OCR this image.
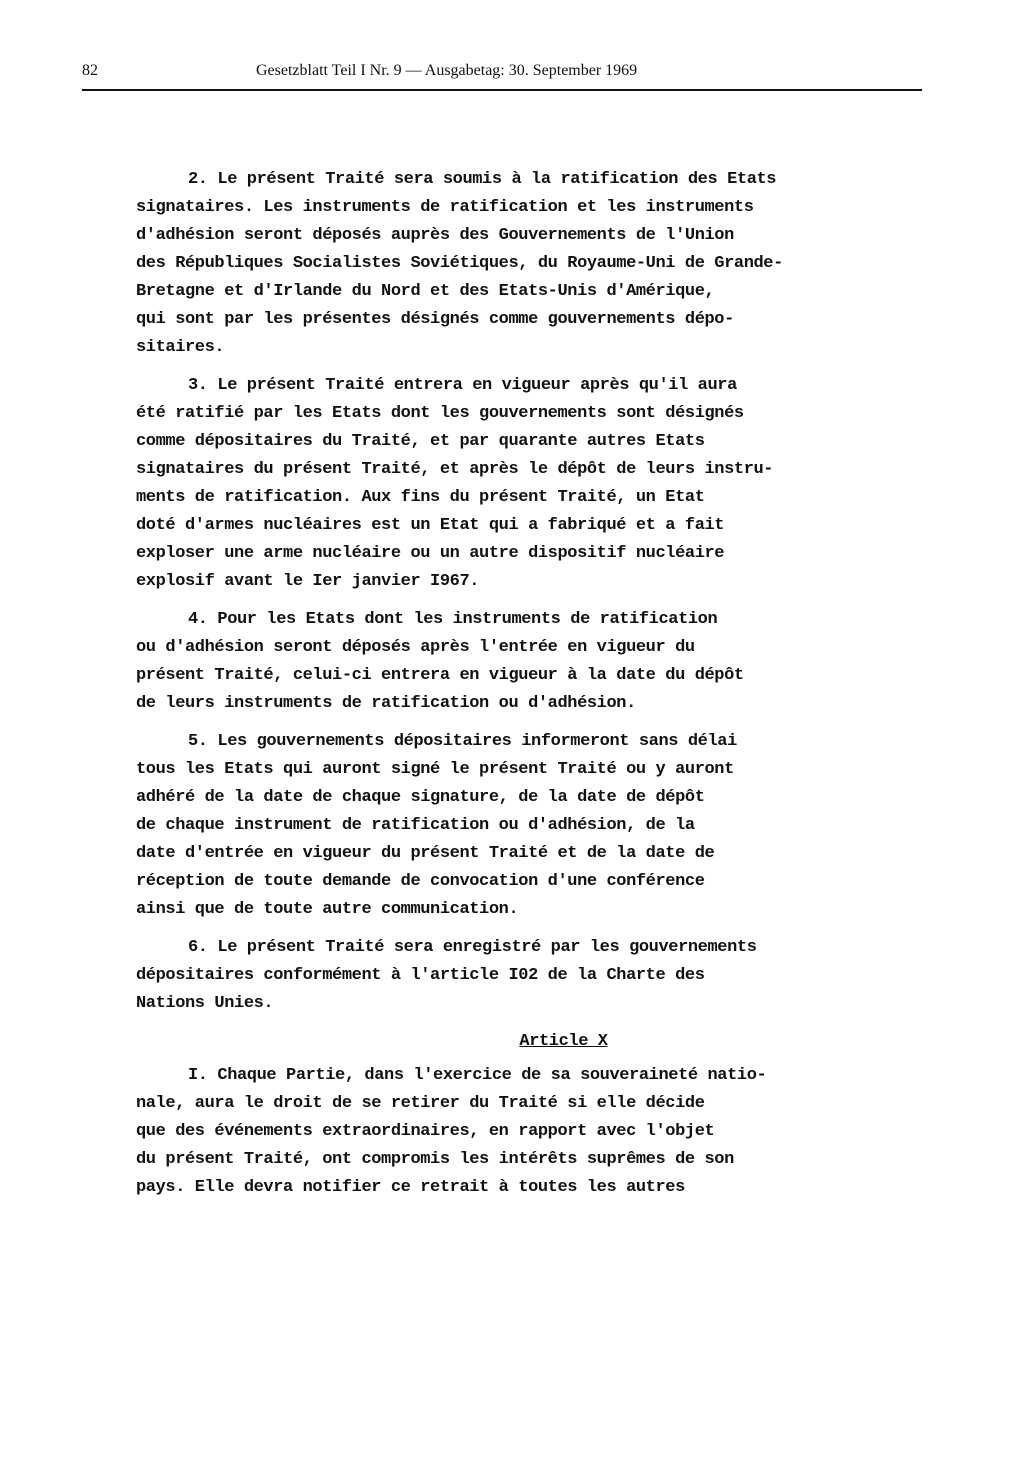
82	Gesetzblatt Teil I Nr. 9 — Ausgabetag: 30. September 1969
2. Le présent Traité sera soumis à la ratification des Etats
signataires. Les instruments de ratification et les instruments
d'adhésion seront déposés auprès des Gouvernements de l'Union
des Républiques Socialistes Soviétiques, du Royaume-Uni de Grande-
Bretagne et d'Irlande du Nord et des Etats-Unis d'Amérique,
qui sont par les présentes désignés comme gouvernements dépo-
sitaires.
3. Le présent Traité entrera en vigueur après qu'il aura
été ratifié par les Etats dont les gouvernements sont désignés
comme dépositaires du Traité, et par quarante autres Etats
signataires du présent Traité, et après le dépôt de leurs instru-
ments de ratification. Aux fins du présent Traité, un Etat
doté d'armes nucléaires est un Etat qui a fabriqué et a fait
exploser une arme nucléaire ou un autre dispositif nucléaire
explosif avant le Ier janvier I967.
4. Pour les Etats dont les instruments de ratification
ou d'adhésion seront déposés après l'entrée en vigueur du
présent Traité, celui-ci entrera en vigueur à la date du dépôt
de leurs instruments de ratification ou d'adhésion.
5. Les gouvernements dépositaires informeront sans délai
tous les Etats qui auront signé le présent Traité ou y auront
adhéré de la date de chaque signature, de la date de dépôt
de chaque instrument de ratification ou d'adhésion, de la
date d'entrée en vigueur du présent Traité et de la date de
réception de toute demande de convocation d'une conférence
ainsi que de toute autre communication.
6. Le présent Traité sera enregistré par les gouvernements
dépositaires conformément à l'article I02 de la Charte des
Nations Unies.
Article X
I. Chaque Partie, dans l'exercice de sa souveraineté natio-
nale, aura le droit de se retirer du Traité si elle décide
que des événements extraordinaires, en rapport avec l'objet
du présent Traité, ont compromis les intérêts suprêmes de son
pays. Elle devra notifier ce retrait à toutes les autres
